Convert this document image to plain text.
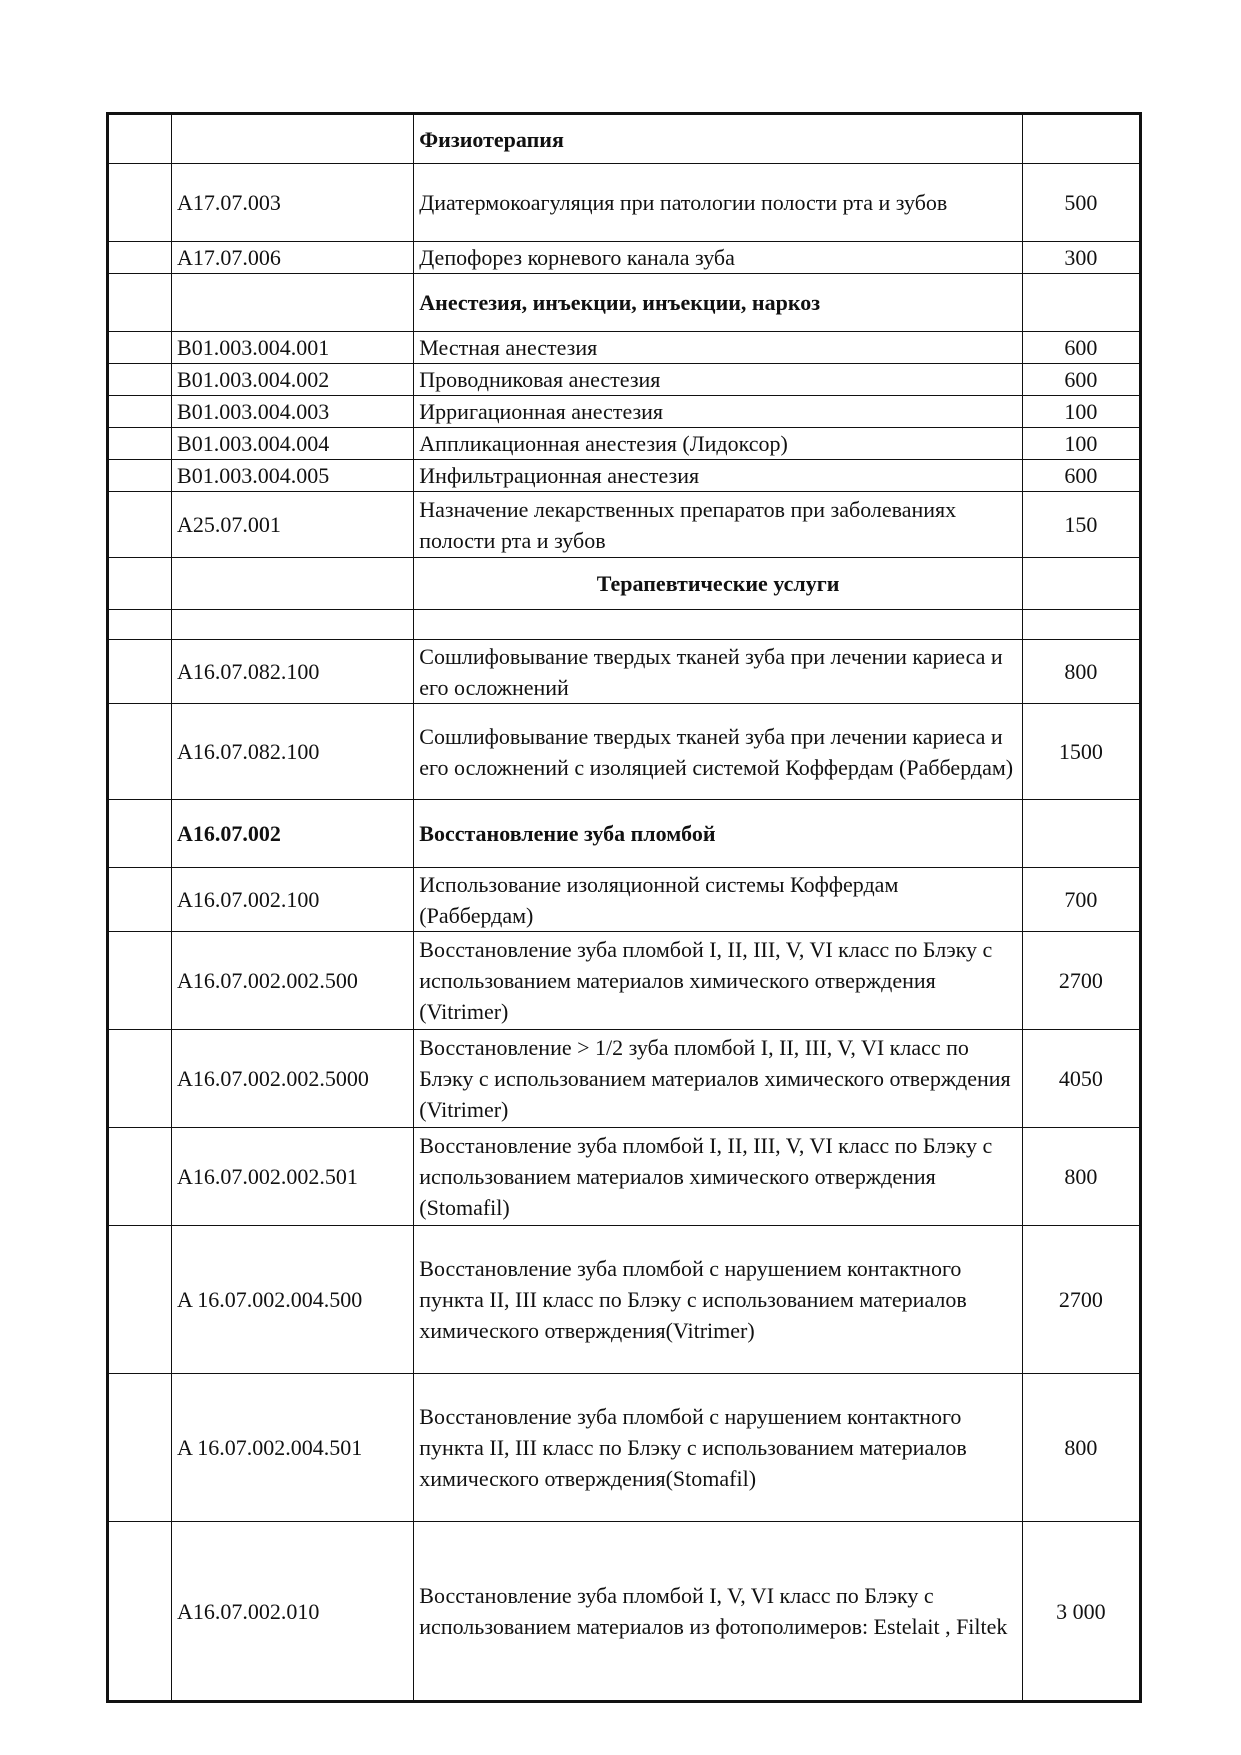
		Физиотерапия	
	A17.07.003	Диатермокоагуляция при патологии полости рта и зубов	500
	A17.07.006	Депофорез корневого канала зуба	300
		Анестезия, инъекции, инъекции, наркоз	
	B01.003.004.001	Местная анестезия	600
	B01.003.004.002	Проводниковая анестезия	600
	B01.003.004.003	Ирригационная анестезия	100
	B01.003.004.004	Аппликационная анестезия (Лидоксор)	100
	B01.003.004.005	Инфильтрационная анестезия	600
	A25.07.001	Назначение лекарственных препаратов при заболеваниях полости рта и зубов	150
		Терапевтические услуги	

	A16.07.082.100	Сошлифовывание твердых тканей зуба при лечении кариеса и его осложнений	800
	A16.07.082.100	Сошлифовывание твердых тканей зуба при лечении кариеса и его осложнений с изоляцией системой Коффердам (Раббердам)	1500
	A16.07.002	Восстановление зуба пломбой	
	A16.07.002.100	Использование изоляционной системы Коффердам (Раббердам)	700
	A16.07.002.002.500	Восстановление зуба пломбой I, II, III, V, VI класс по Блэку с использованием материалов химического отверждения (Vitrimer)	2700
	A16.07.002.002.5000	Восстановление > 1/2 зуба пломбой I, II, III, V, VI класс по Блэку с использованием материалов химического отверждения (Vitrimer)	4050
	A16.07.002.002.501	Восстановление зуба пломбой I, II, III, V, VI класс по Блэку с использованием материалов химического отверждения (Stomafil)	800
	A 16.07.002.004.500	Восстановление зуба пломбой с нарушением контактного пункта II, III класс по Блэку с использованием материалов химического отверждения(Vitrimer)	2700
	A 16.07.002.004.501	Восстановление зуба пломбой с нарушением контактного пункта II, III класс по Блэку с использованием материалов химического отверждения(Stomafil)	800
	A16.07.002.010	Восстановление зуба пломбой I, V, VI класс по Блэку с использованием материалов из фотополимеров: Estelait , Filtek	3 000
